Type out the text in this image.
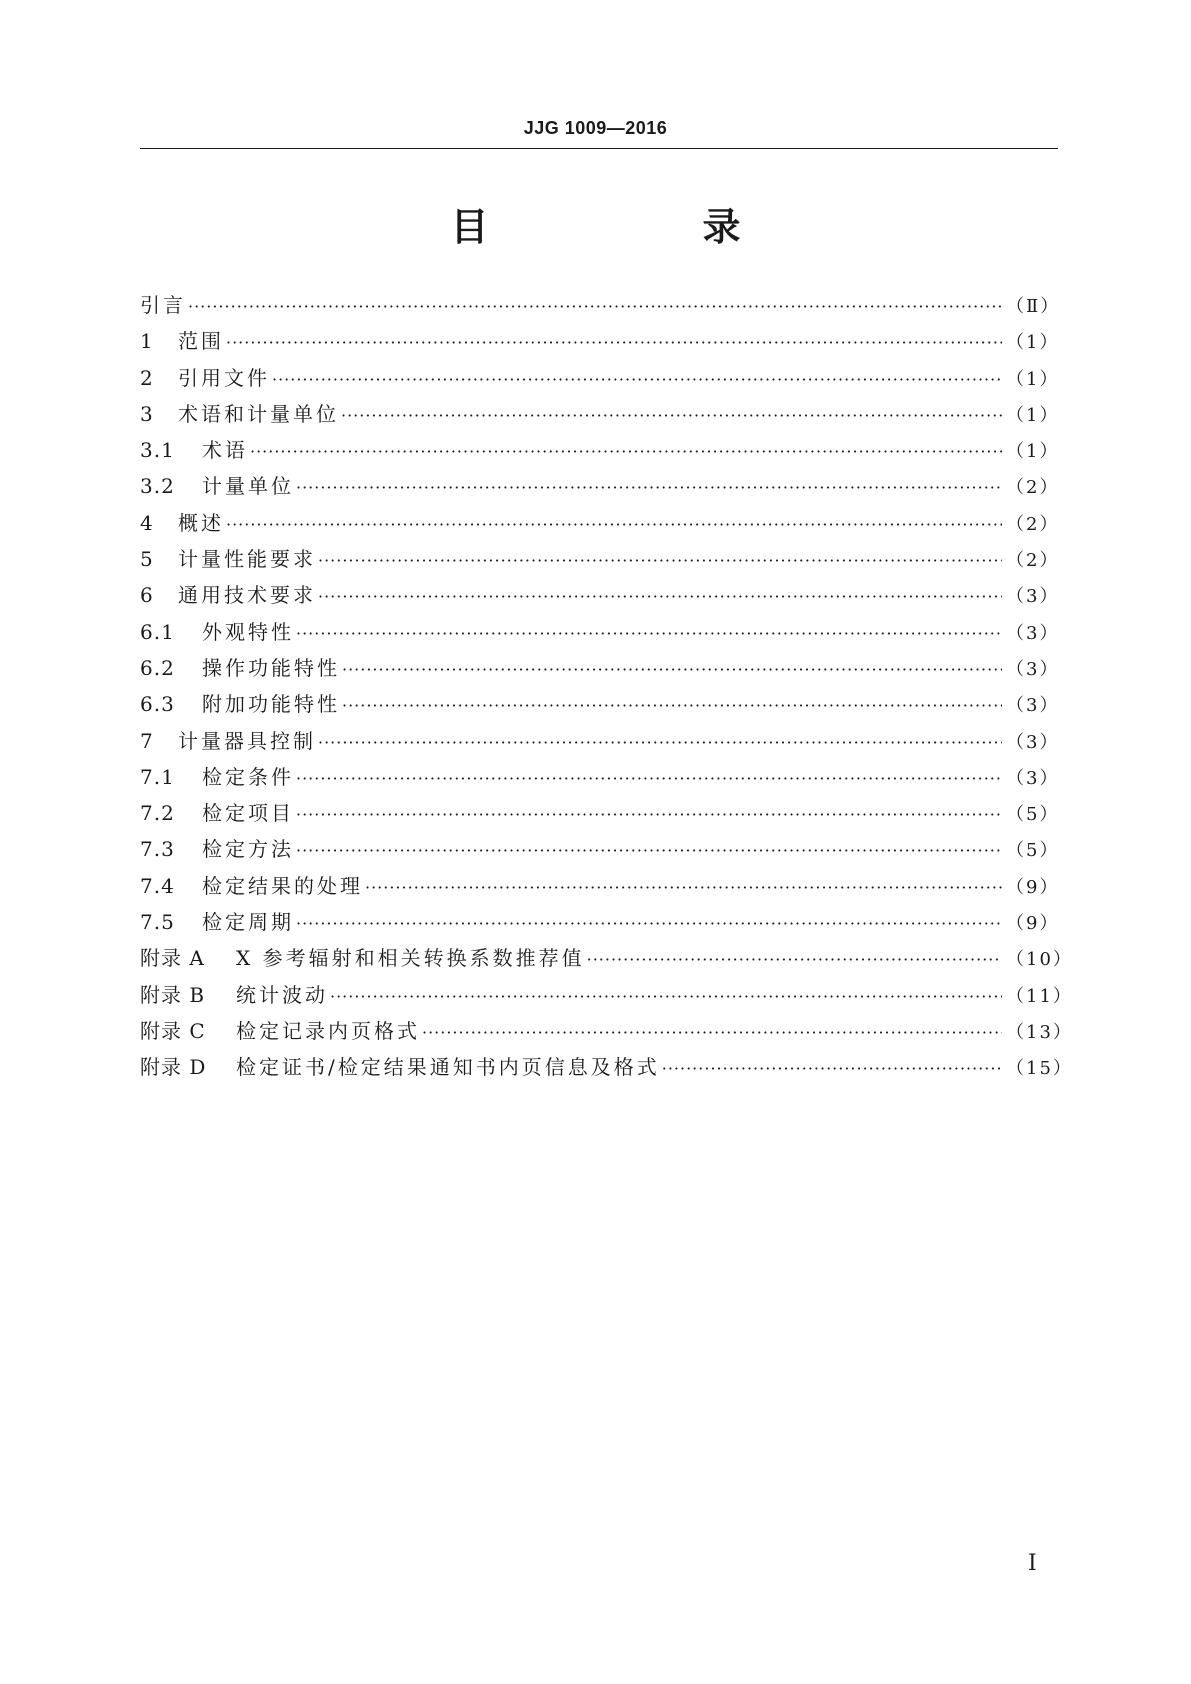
JJG 1009—2016
目　录
引言 ·····	（Ⅱ）
1	范围 ·····	（1）
2	引用文件 ·····	（1）
3	术语和计量单位 ·····	（1）
3.1	术语 ·····	（1）
3.2	计量单位 ·····	（2）
4	概述 ·····	（2）
5	计量性能要求 ·····	（2）
6	通用技术要求 ·····	（3）
6.1	外观特性 ·····	（3）
6.2	操作功能特性 ·····	（3）
6.3	附加功能特性 ·····	（3）
7	计量器具控制 ·····	（3）
7.1	检定条件 ·····	（3）
7.2	检定项目 ·····	（5）
7.3	检定方法 ·····	（5）
7.4	检定结果的处理 ·····	（9）
7.5	检定周期 ·····	（9）
附录 A	X 参考辐射和相关转换系数推荐值 ·····	（10）
附录 B	统计波动 ·····	（11）
附录 C	检定记录内页格式 ·····	（13）
附录 D	检定证书/检定结果通知书内页信息及格式 ·····	（15）
I
